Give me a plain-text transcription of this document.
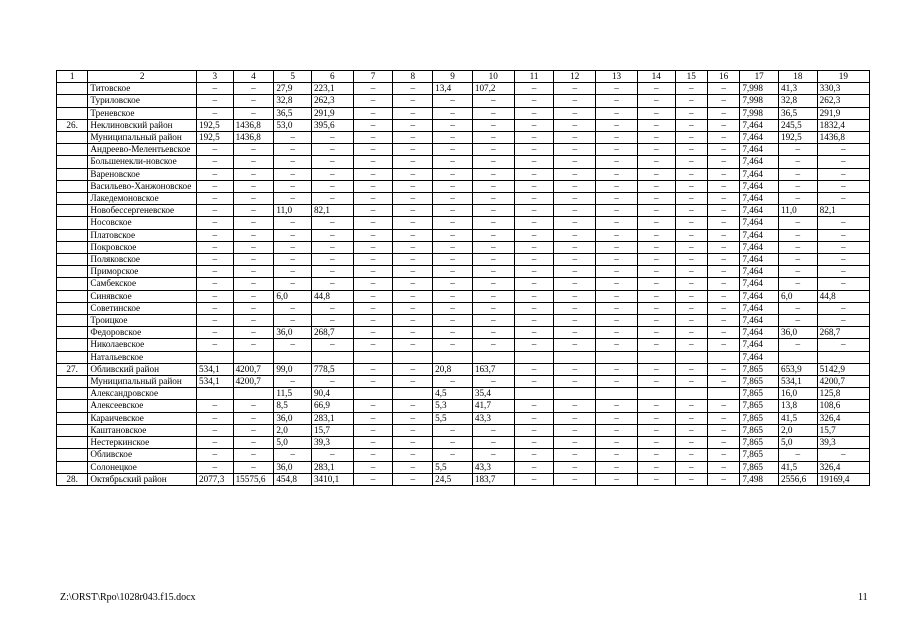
1	2	3	4	5	6	7	8	9	10	11	12	13	14	15	16	17	18	19
	Титовское	–	–	27,9	223,1	–	–	13,4	107,2	–	–	–	–	–	–	7,998	41,3	330,3
	Туриловское	–	–	32,8	262,3	–	–	–	–	–	–	–	–	–	–	7,998	32,8	262,3
	Треневское	–	–	36,5	291,9	–	–	–	–	–	–	–	–	–	–	7,998	36,5	291,9
26.	Неклиновский район	192,5	1436,8	53,0	395,6	–	–	–	–	–	–	–	–	–	–	7,464	245,5	1832,4
	Муниципальный район	192,5	1436,8	–	–	–	–	–	–	–	–	–	–	–	–	7,464	192,5	1436,8
	Андреево-Мелентьевское	–	–	–	–	–	–	–	–	–	–	–	–	–	–	7,464	–	–
	Большенекли-новское	–	–	–	–	–	–	–	–	–	–	–	–	–	–	7,464	–	–
	Вареновское	–	–	–	–	–	–	–	–	–	–	–	–	–	–	7,464	–	–
	Васильево-Ханжоновское	–	–	–	–	–	–	–	–	–	–	–	–	–	–	7,464	–	–
	Лакедемоновское	–	–	–	–	–	–	–	–	–	–	–	–	–	–	7,464	–	–
	Новобессергеневское	–	–	11,0	82,1	–	–	–	–	–	–	–	–	–	–	7,464	11,0	82,1
	Носовское	–	–	–	–	–	–	–	–	–	–	–	–	–	–	7,464	–	–
	Платовское	–	–	–	–	–	–	–	–	–	–	–	–	–	–	7,464	–	–
	Покровское	–	–	–	–	–	–	–	–	–	–	–	–	–	–	7,464	–	–
	Поляковское	–	–	–	–	–	–	–	–	–	–	–	–	–	–	7,464	–	–
	Приморское	–	–	–	–	–	–	–	–	–	–	–	–	–	–	7,464	–	–
	Самбекское	–	–	–	–	–	–	–	–	–	–	–	–	–	–	7,464	–	–
	Синявское	–	–	6,0	44,8	–	–	–	–	–	–	–	–	–	–	7,464	6,0	44,8
	Советинское	–	–	–	–	–	–	–	–	–	–	–	–	–	–	7,464	–	–
	Троицкое	–	–	–	–	–	–	–	–	–	–	–	–	–	–	7,464	–	–
	Федоровское	–	–	36,0	268,7	–	–	–	–	–	–	–	–	–	–	7,464	36,0	268,7
	Николаевское	–	–	–	–	–	–	–	–	–	–	–	–	–	–	7,464	–	–
	Натальевское															7,464		
27.	Обливский район	534,1	4200,7	99,0	778,5	–	–	20,8	163,7	–	–	–	–	–	–	7,865	653,9	5142,9
	Муниципальный район	534,1	4200,7	–	–	–	–	–	–	–	–	–	–	–	–	7,865	534,1	4200,7
	Александровское			11,5	90,4			4,5	35,4							7,865	16,0	125,8
	Алексеевское	–	–	8,5	66,9	–	–	5,3	41,7	–	–	–	–	–	–	7,865	13,8	108,6
	Караичевское	–	–	36,0	283,1	–	–	5,5	43,3	–	–	–	–	–	–	7,865	41,5	326,4
	Каштановское	–	–	2,0	15,7	–	–	–	–	–	–	–	–	–	–	7,865	2,0	15,7
	Нестеркинское	–	–	5,0	39,3	–	–	–	–	–	–	–	–	–	–	7,865	5,0	39,3
	Обливское	–	–	–	–	–	–	–	–	–	–	–	–	–	–	7,865	–	–
	Солонецкое	–	–	36,0	283,1	–	–	5,5	43,3	–	–	–	–	–	–	7,865	41,5	326,4
28.	Октябрьский район	2077,3	15575,6	454,8	3410,1	–	–	24,5	183,7	–	–	–	–	–	–	7,498	2556,6	19169,4
Z:\ORST\Rpo\1028r043.f15.docx	11
